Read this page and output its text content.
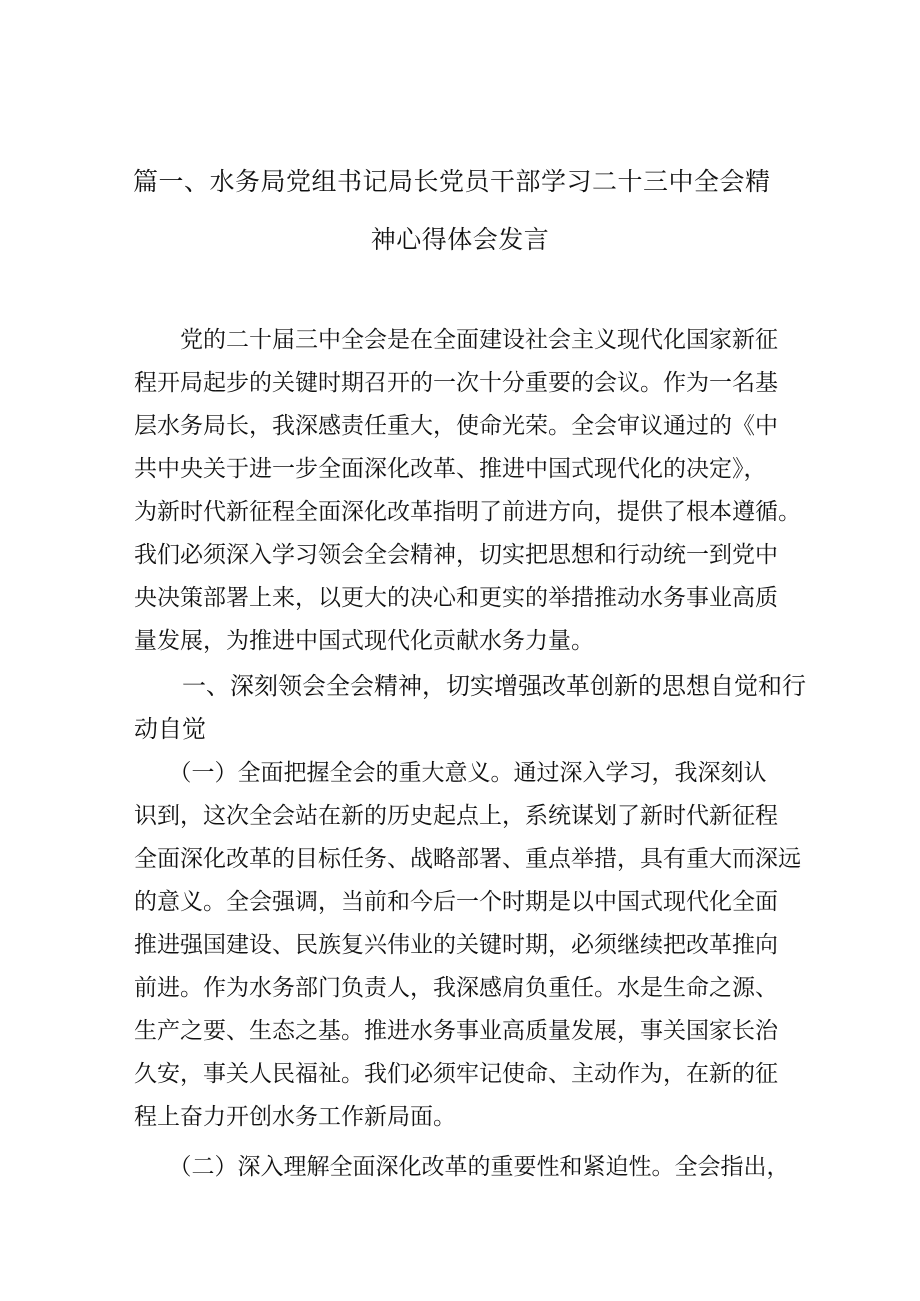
篇一、水务局党组书记局长党员干部学习二十三中全会精
神心得体会发言
　　党的二十届三中全会是在全面建设社会主义现代化国家新征
程开局起步的关键时期召开的一次十分重要的会议。作为一名基
层水务局长，我深感责任重大，使命光荣。全会审议通过的《中
共中央关于进一步全面深化改革、推进中国式现代化的决定》，
为新时代新征程全面深化改革指明了前进方向，提供了根本遵循。
我们必须深入学习领会全会精神，切实把思想和行动统一到党中
央决策部署上来，以更大的决心和更实的举措推动水务事业高质
量发展，为推进中国式现代化贡献水务力量。
　　一、深刻领会全会精神，切实增强改革创新的思想自觉和行
动自觉
　　（一）全面把握全会的重大意义。通过深入学习，我深刻认
识到，这次全会站在新的历史起点上，系统谋划了新时代新征程
全面深化改革的目标任务、战略部署、重点举措，具有重大而深远
的意义。全会强调，当前和今后一个时期是以中国式现代化全面
推进强国建设、民族复兴伟业的关键时期，必须继续把改革推向
前进。作为水务部门负责人，我深感肩负重任。水是生命之源、
生产之要、生态之基。推进水务事业高质量发展，事关国家长治
久安，事关人民福祉。我们必须牢记使命、主动作为，在新的征
程上奋力开创水务工作新局面。
　　（二）深入理解全面深化改革的重要性和紧迫性。全会指出，
